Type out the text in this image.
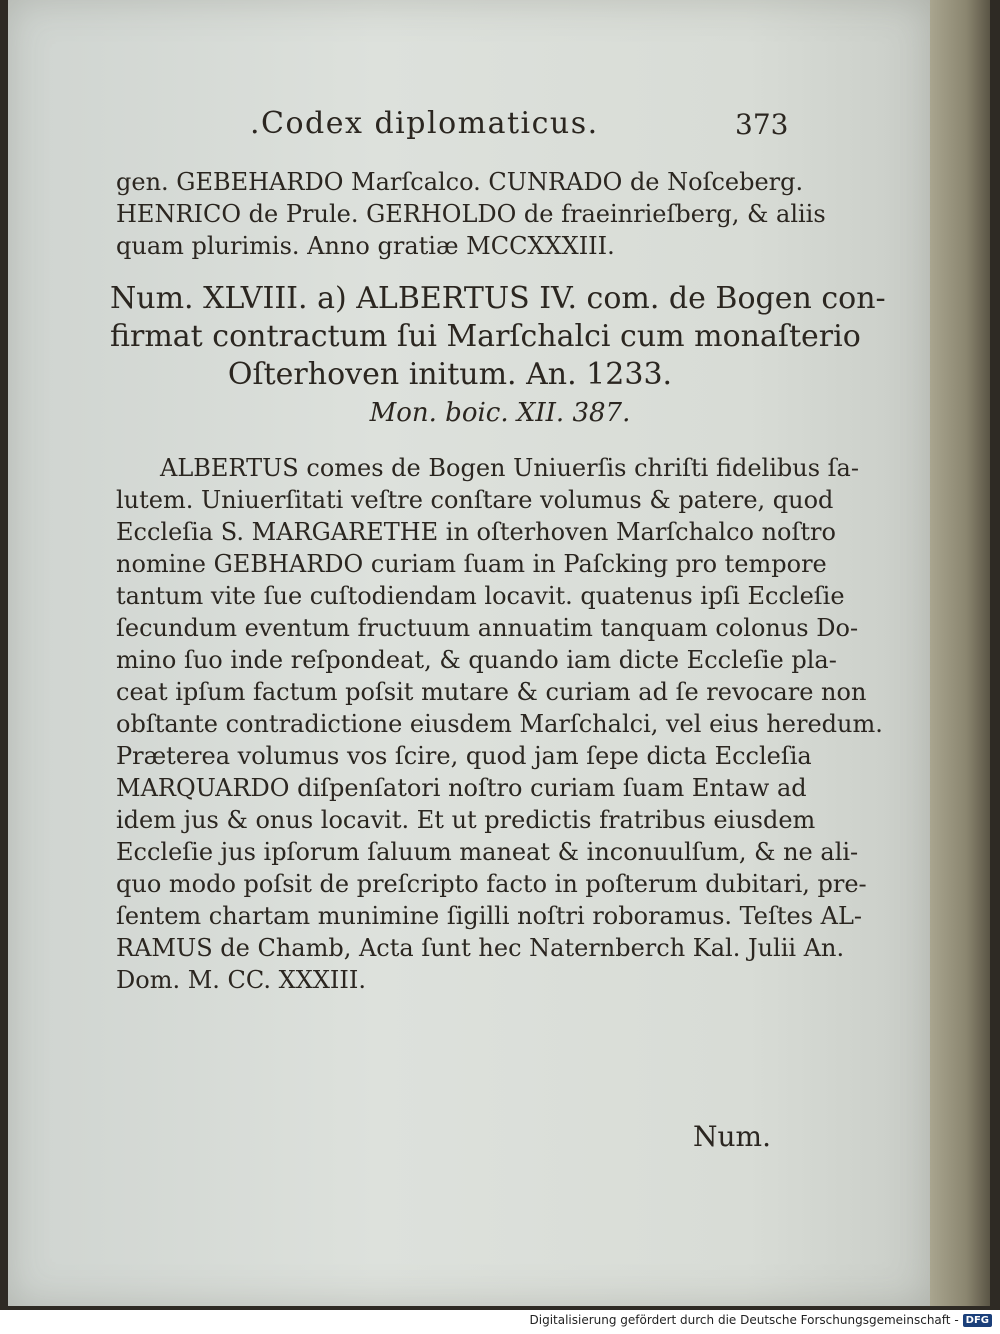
.Codex diplomaticus.	373
gen. GEBEHARDO Marſcalco. CUNRADO de Noſceberg.
HENRICO de Prule. GERHOLDO de fraeinrieſberg, & aliis
quam plurimis. Anno gratiæ MCCXXXIII.
Num. XLVIII. a) ALBERTUS IV. com. de Bogen con-
firmat contractum ſui Marſchalci cum monaſterio
Oſterhoven initum. An. 1233.
Mon. boic. XII. 387.
ALBERTUS comes de Bogen Uniuerſis chriſti fidelibus ſa-
lutem. Uniuerſitati veſtre conſtare volumus & patere, quod
Eccleſia S. MARGARETHE in oſterhoven Marſchalco noſtro
nomine GEBHARDO curiam ſuam in Paſcking pro tempore
tantum vite ſue cuſtodiendam locavit. quatenus ipſi Eccleſie
ſecundum eventum fructuum annuatim tanquam colonus Do-
mino ſuo inde reſpondeat, & quando iam dicte Eccleſie pla-
ceat ipſum factum poſsit mutare & curiam ad ſe revocare non
obſtante contradictione eiusdem Marſchalci, vel eius heredum.
Præterea volumus vos ſcire, quod jam ſepe dicta Eccleſia
MARQUARDO diſpenſatori noſtro curiam ſuam Entaw ad
idem jus & onus locavit. Et ut predictis fratribus eiusdem
Eccleſie jus ipſorum ſaluum maneat & inconuulſum, & ne ali-
quo modo poſsit de preſcripto facto in poſterum dubitari, pre-
ſentem chartam munimine ſigilli noſtri roboramus. Teſtes AL-
RAMUS de Chamb, Acta ſunt hec Naternberch Kal. Julii An.
Dom. M. CC. XXXIII.
Num.
Digitalisierung gefördert durch die Deutsche Forschungsgemeinschaft - DFG
